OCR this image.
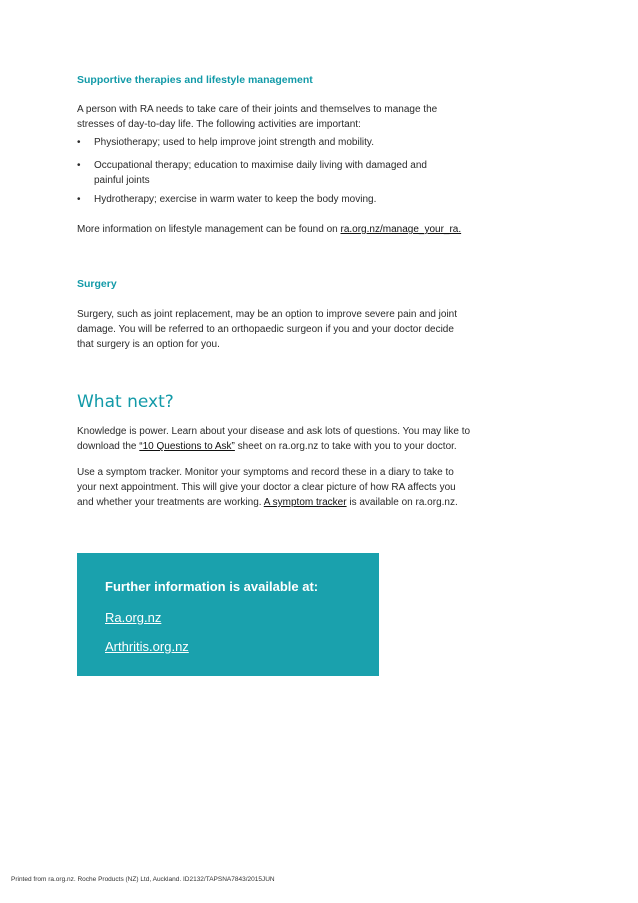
Supportive therapies and lifestyle management
A person with RA needs to take care of their joints and themselves to manage the
stresses of day-to-day life. The following activities are important:
• Physiotherapy; used to help improve joint strength and mobility.
• Occupational therapy; education to maximise daily living with damaged and
painful joints
• Hydrotherapy; exercise in warm water to keep the body moving.
More information on lifestyle management can be found on ra.org.nz/manage_your_ra.
Surgery
Surgery, such as joint replacement, may be an option to improve severe pain and joint
damage. You will be referred to an orthopaedic surgeon if you and your doctor decide
that surgery is an option for you.
What next?
Knowledge is power. Learn about your disease and ask lots of questions. You may like to
download the “10 Questions to Ask” sheet on ra.org.nz to take with you to your doctor.
Use a symptom tracker. Monitor your symptoms and record these in a diary to take to
your next appointment. This will give your doctor a clear picture of how RA affects you
and whether your treatments are working. A symptom tracker is available on ra.org.nz.
Further information is available at:
Ra.org.nz
Arthritis.org.nz
Printed from ra.org.nz. Roche Products (NZ) Ltd, Auckland. ID2132/TAPSNA7843/2015JUN
